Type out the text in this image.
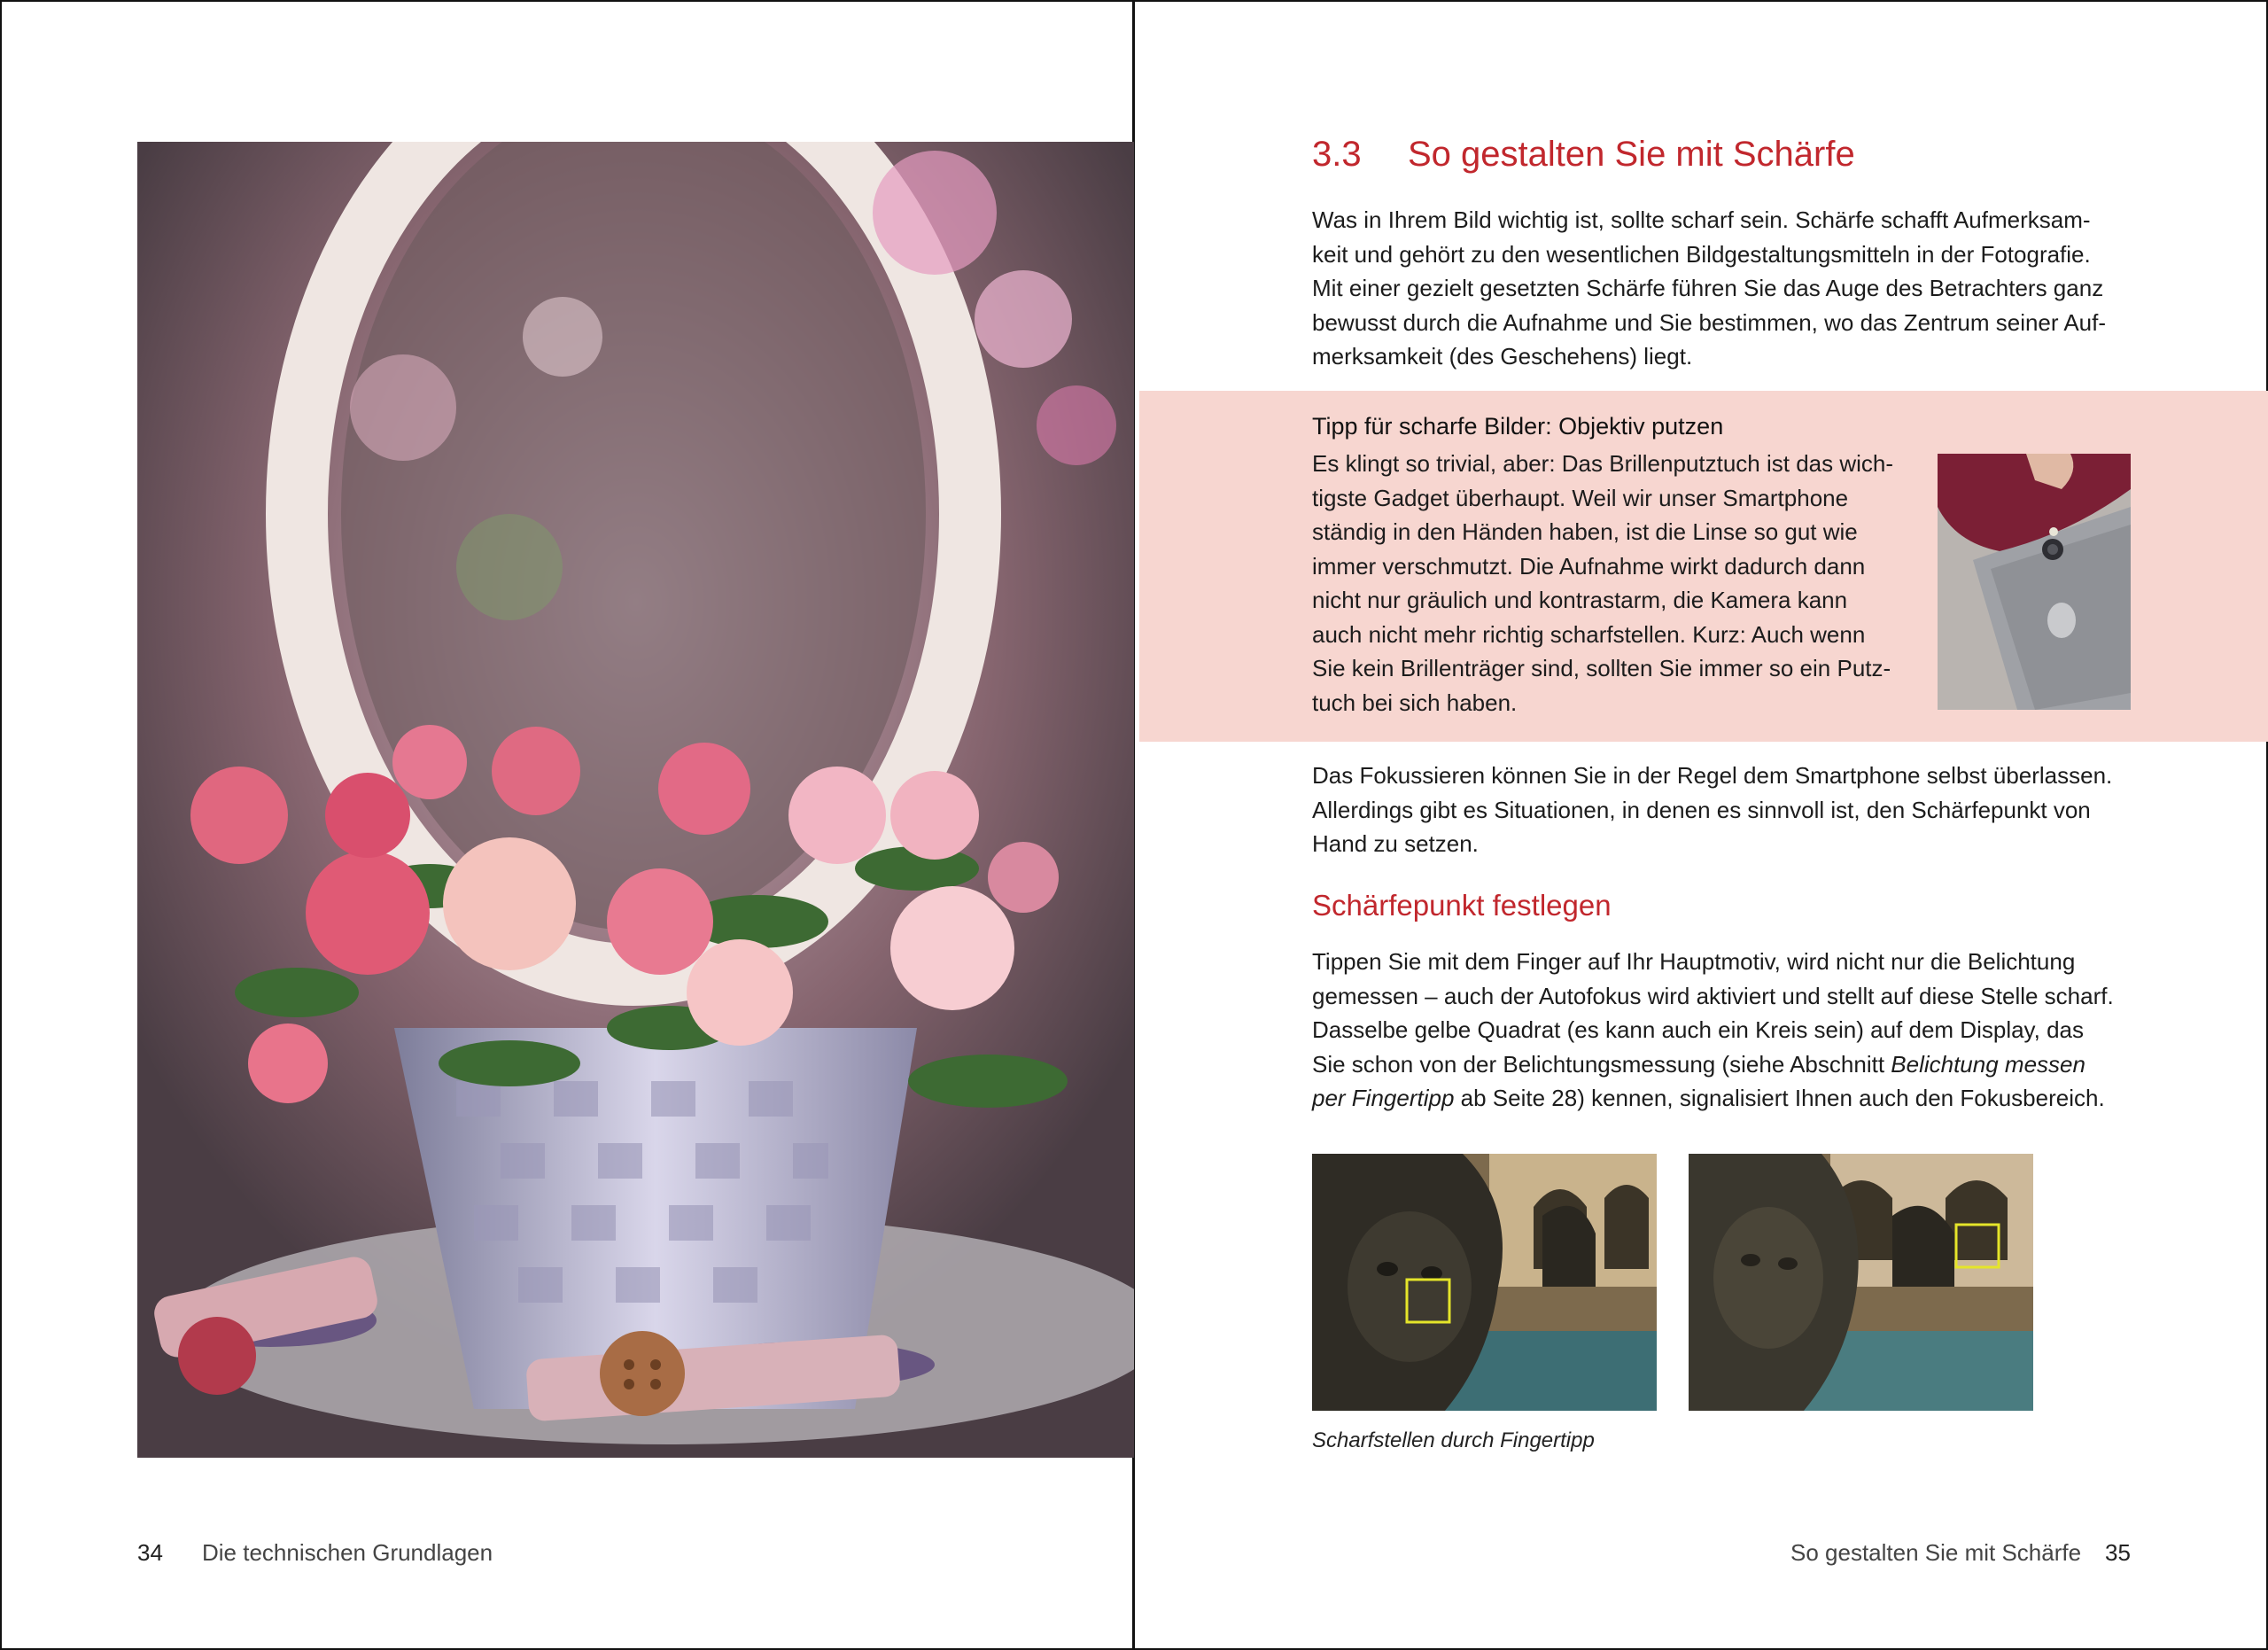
34 Die technischen Grundlagen
3.3 So gestalten Sie mit Schärfe
Was in Ihrem Bild wichtig ist, sollte scharf sein. Schärfe schafft Aufmerksam-
keit und gehört zu den wesentlichen Bildgestaltungsmitteln in der Fotografie.
Mit einer gezielt gesetzten Schärfe führen Sie das Auge des Betrachters ganz
bewusst durch die Aufnahme und Sie bestimmen, wo das Zentrum seiner Auf-
merksamkeit (des Geschehens) liegt.
Tipp für scharfe Bilder: Objektiv putzen
Es klingt so trivial, aber: Das Brillenputztuch ist das wich-
tigste Gadget überhaupt. Weil wir unser Smartphone
ständig in den Händen haben, ist die Linse so gut wie
immer verschmutzt. Die Aufnahme wirkt dadurch dann
nicht nur gräulich und kontrastarm, die Kamera kann
auch nicht mehr richtig scharfstellen. Kurz: Auch wenn
Sie kein Brillenträger sind, sollten Sie immer so ein Putz-
tuch bei sich haben.
Das Fokussieren können Sie in der Regel dem Smartphone selbst überlassen.
Allerdings gibt es Situationen, in denen es sinnvoll ist, den Schärfepunkt von
Hand zu setzen.
Schärfepunkt festlegen
Tippen Sie mit dem Finger auf Ihr Hauptmotiv, wird nicht nur die Belichtung
gemessen – auch der Autofokus wird aktiviert und stellt auf diese Stelle scharf.
Dasselbe gelbe Quadrat (es kann auch ein Kreis sein) auf dem Display, das
Sie schon von der Belichtungsmessung (siehe Abschnitt Belichtung messen
per Fingertipp ab Seite 28) kennen, signalisiert Ihnen auch den Fokusbereich.
Scharfstellen durch Fingertipp
So gestalten Sie mit Schärfe 35
